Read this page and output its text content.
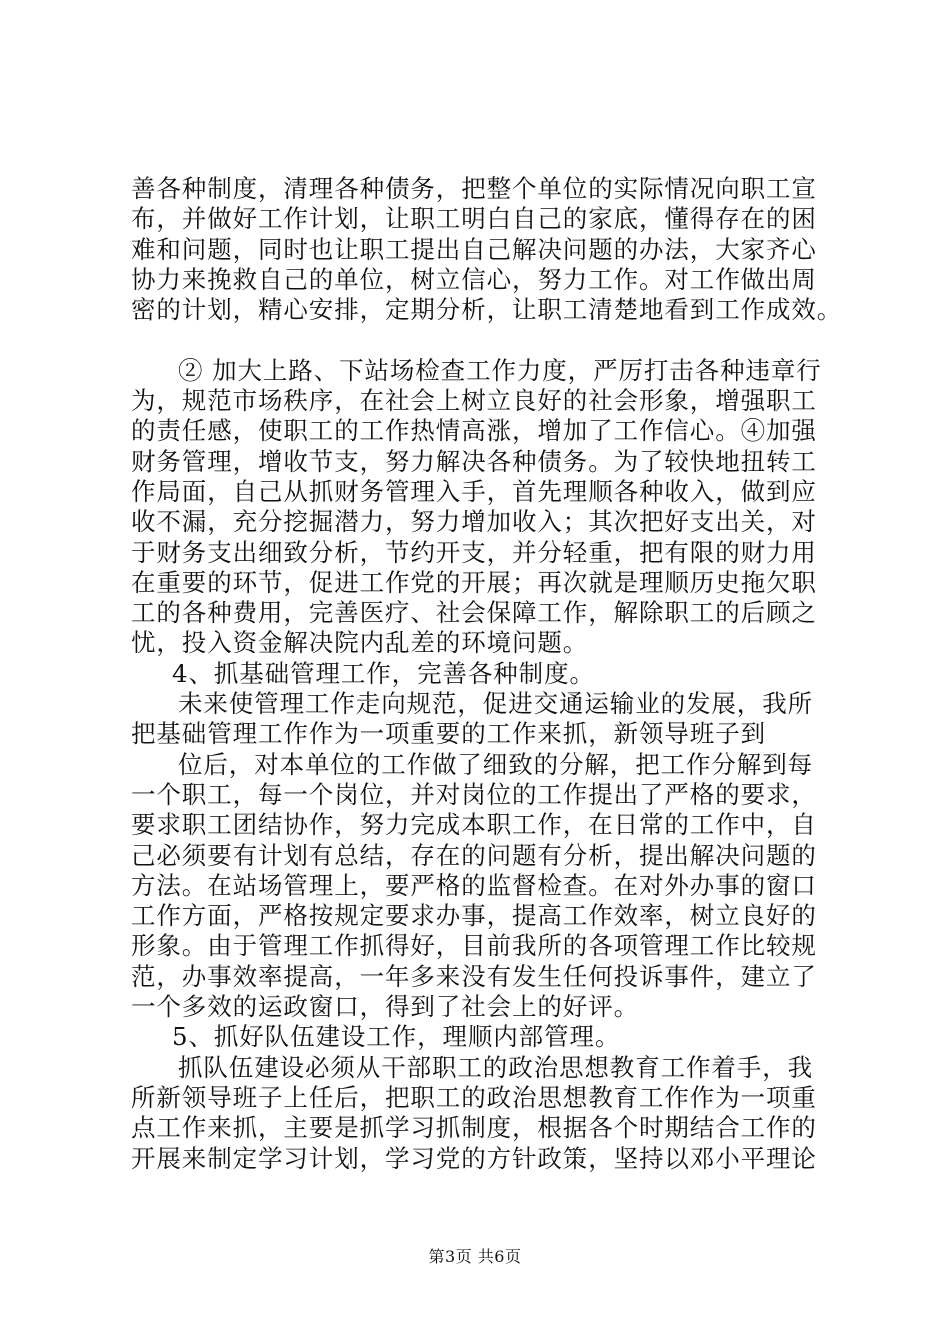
善各种制度，清理各种债务，把整个单位的实际情况向职工宣
布，并做好工作计划，让职工明白自己的家底，懂得存在的困
难和问题，同时也让职工提出自己解决问题的办法，大家齐心
协力来挽救自己的单位，树立信心，努力工作。对工作做出周
密的计划，精心安排，定期分析，让职工清楚地看到工作成效。
② 加大上路、下站场检查工作力度，严厉打击各种违章行
为，规范市场秩序，在社会上树立良好的社会形象，增强职工
的责任感，使职工的工作热情高涨，增加了工作信心。④加强
财务管理，增收节支，努力解决各种债务。为了较快地扭转工
作局面，自己从抓财务管理入手，首先理顺各种收入，做到应
收不漏，充分挖掘潜力，努力增加收入；其次把好支出关，对
于财务支出细致分析，节约开支，并分轻重，把有限的财力用
在重要的环节，促进工作党的开展；再次就是理顺历史拖欠职
工的各种费用，完善医疗、社会保障工作，解除职工的后顾之
忧，投入资金解决院内乱差的环境问题。
4、抓基础管理工作，完善各种制度。
未来使管理工作走向规范，促进交通运输业的发展，我所
把基础管理工作作为一项重要的工作来抓，新领导班子到
位后，对本单位的工作做了细致的分解，把工作分解到每
一个职工，每一个岗位，并对岗位的工作提出了严格的要求，
要求职工团结协作，努力完成本职工作，在日常的工作中，自
己必须要有计划有总结，存在的问题有分析，提出解决问题的
方法。在站场管理上，要严格的监督检查。在对外办事的窗口
工作方面，严格按规定要求办事，提高工作效率，树立良好的
形象。由于管理工作抓得好，目前我所的各项管理工作比较规
范，办事效率提高，一年多来没有发生任何投诉事件，建立了
一个多效的运政窗口，得到了社会上的好评。
5、抓好队伍建设工作，理顺内部管理。
抓队伍建设必须从干部职工的政治思想教育工作着手，我
所新领导班子上任后，把职工的政治思想教育工作作为一项重
点工作来抓，主要是抓学习抓制度，根据各个时期结合工作的
开展来制定学习计划，学习党的方针政策，坚持以邓小平理论
第3页 共6页
